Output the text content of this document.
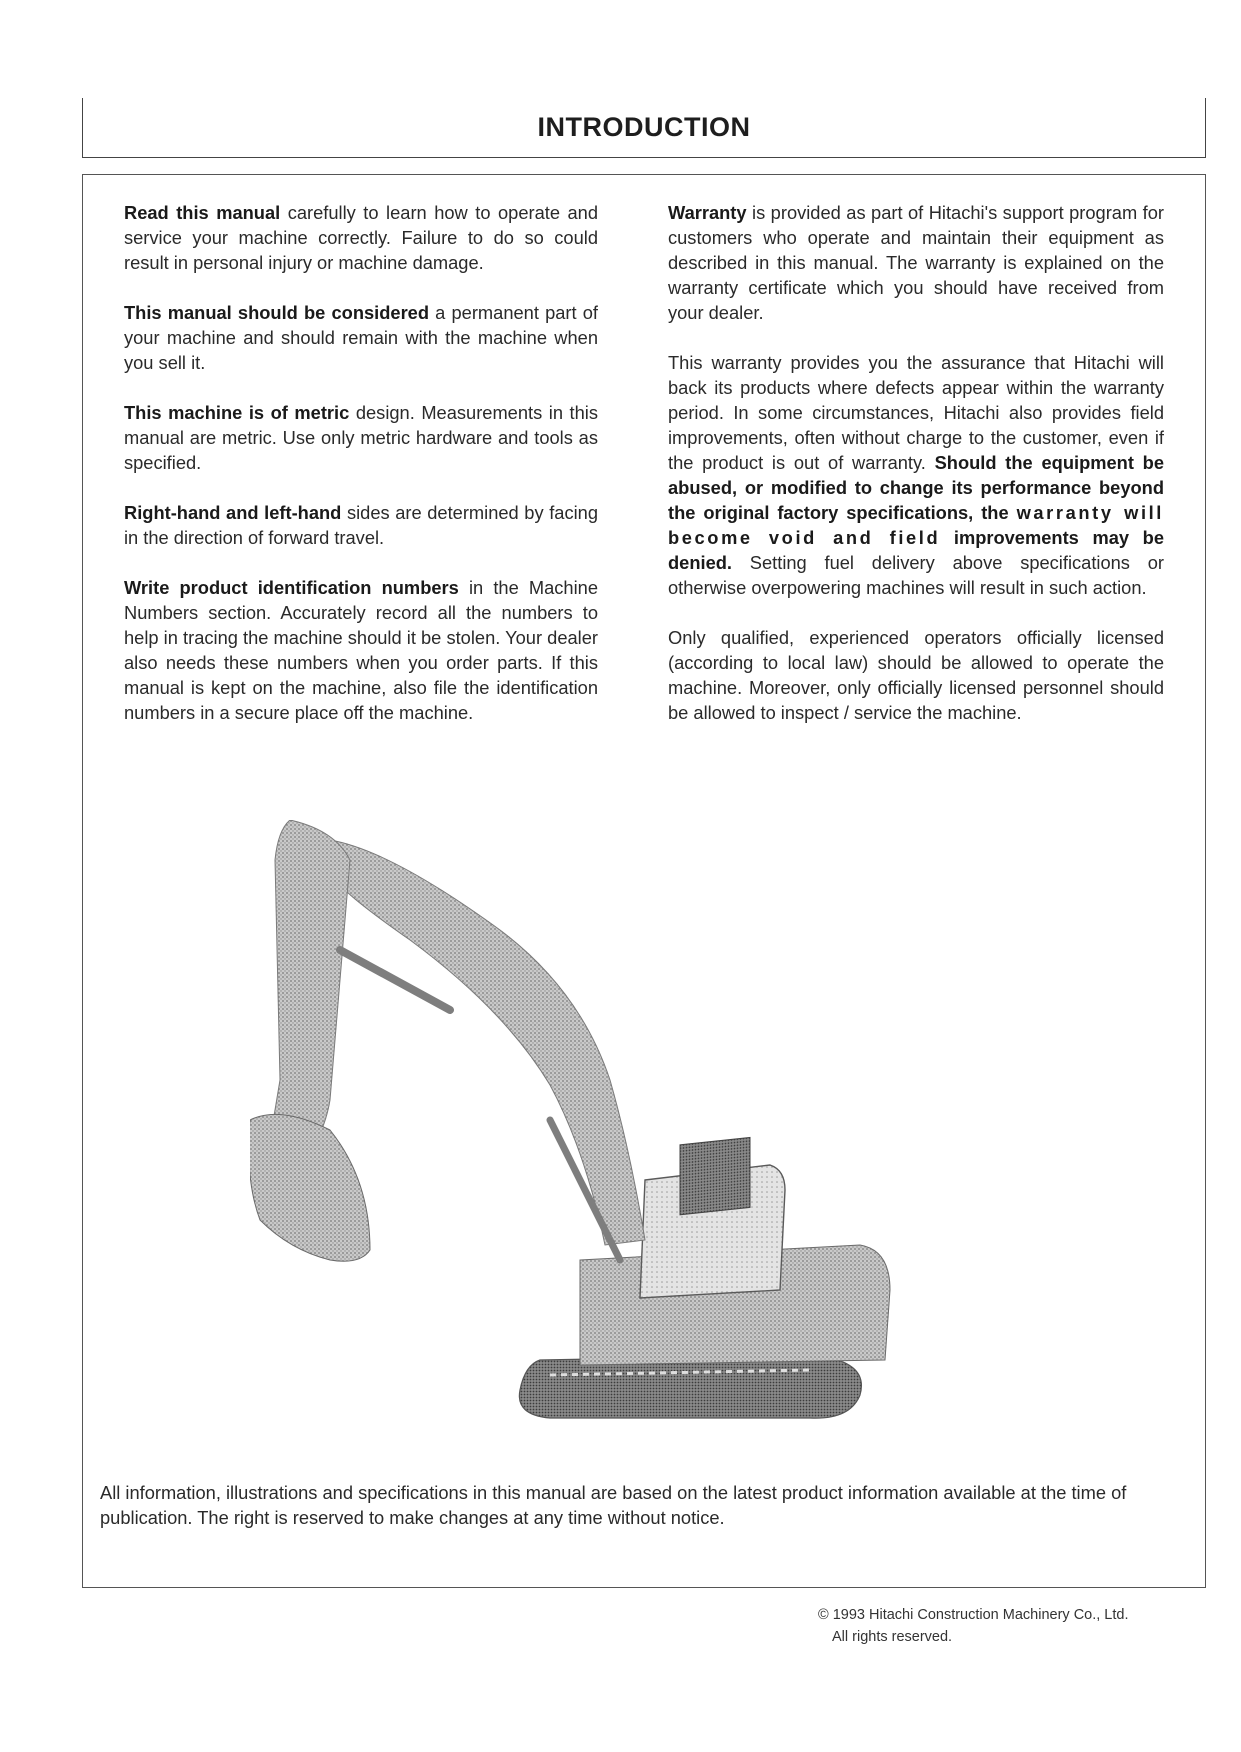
INTRODUCTION

Read this manual carefully to learn how to operate and service your machine correctly. Failure to do so could result in personal injury or machine damage.

This manual should be considered a permanent part of your machine and should remain with the machine when you sell it.

This machine is of metric design. Measurements in this manual are metric. Use only metric hardware and tools as specified.

Right-hand and left-hand sides are determined by facing in the direction of forward travel.

Write product identification numbers in the Machine Numbers section. Accurately record all the numbers to help in tracing the machine should it be stolen. Your dealer also needs these numbers when you order parts. If this manual is kept on the machine, also file the identification numbers in a secure place off the machine.

Warranty is provided as part of Hitachi's support program for customers who operate and maintain their equipment as described in this manual. The warranty is explained on the warranty certificate which you should have received from your dealer.

This warranty provides you the assurance that Hitachi will back its products where defects appear within the warranty period. In some circumstances, Hitachi also provides field improvements, often without charge to the customer, even if the product is out of warranty. Should the equipment be abused, or modified to change its performance beyond the original factory specifications, the warranty will become void and field improvements may be denied. Setting fuel delivery above specifications or otherwise overpowering machines will result in such action.

Only qualified, experienced operators officially licensed (according to local law) should be allowed to operate the machine. Moreover, only officially licensed personnel should be allowed to inspect / service the machine.

All information, illustrations and specifications in this manual are based on the latest product information available at the time of publication. The right is reserved to make changes at any time without notice.
© 1993 Hitachi Construction Machinery Co., Ltd.
All rights reserved.
